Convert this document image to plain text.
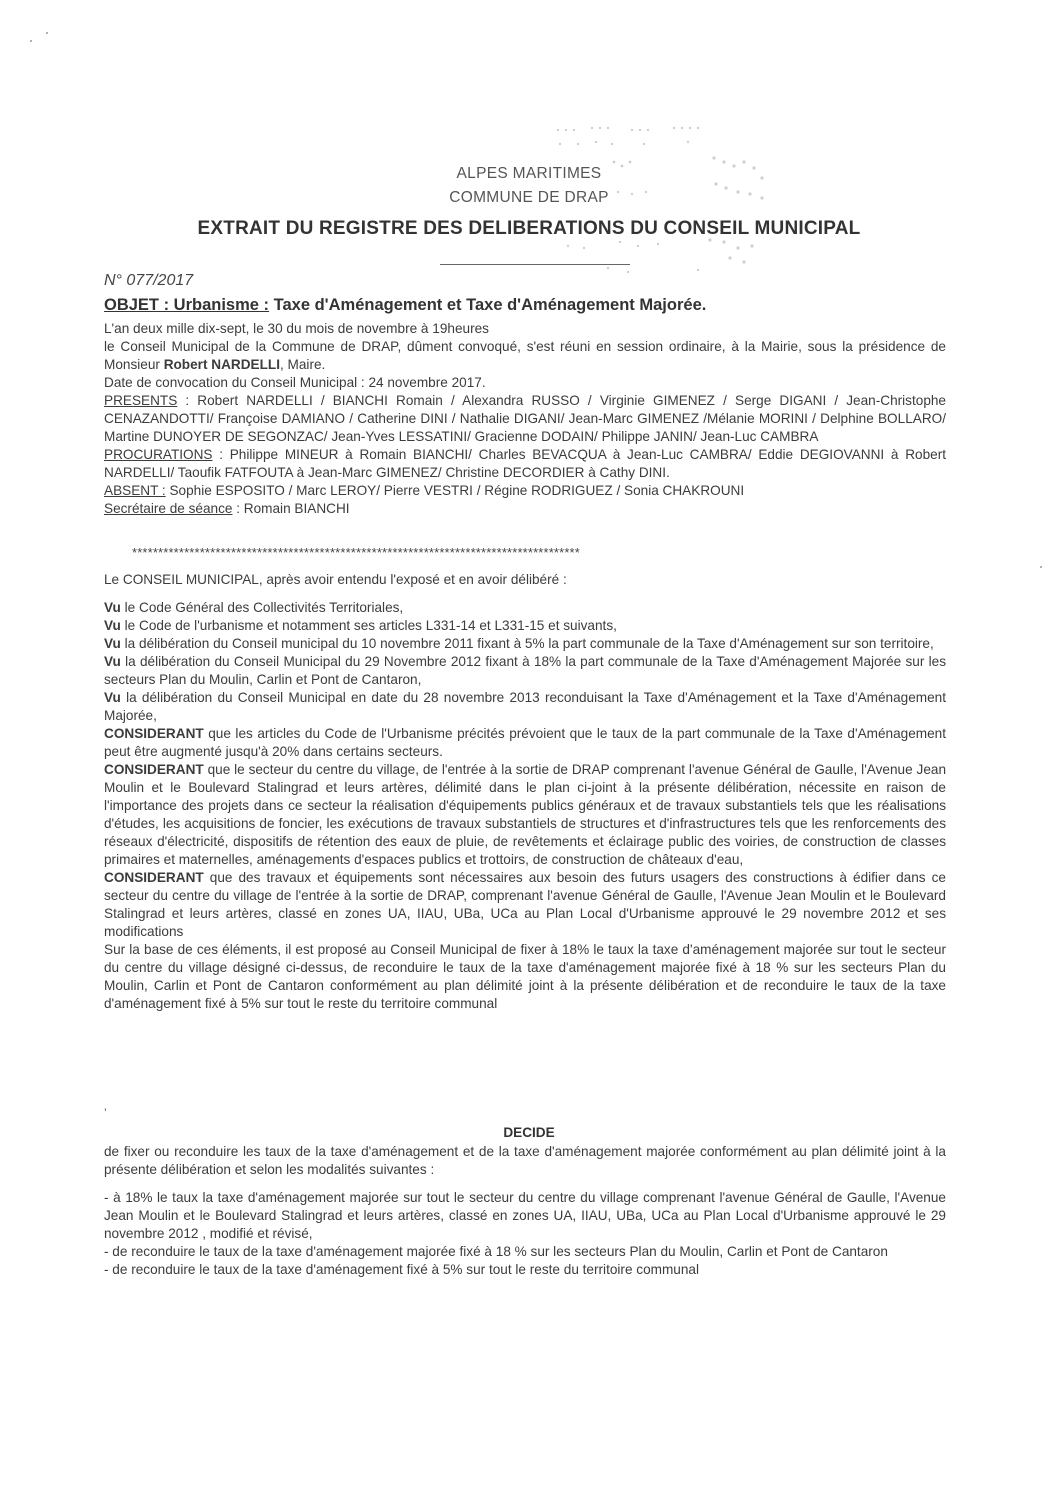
ALPES MARITIMES
COMMUNE DE DRAP
EXTRAIT DU REGISTRE DES DELIBERATIONS DU CONSEIL MUNICIPAL
N° 077/2017
OBJET : Urbanisme : Taxe d'Aménagement et Taxe d'Aménagement Majorée.

L'an deux mille dix-sept, le 30 du mois de novembre à 19heures

le Conseil Municipal de la Commune de DRAP, dûment convoqué, s'est réuni en session ordinaire, à la Mairie, sous la présidence de Monsieur Robert NARDELLI, Maire.

Date de convocation du Conseil Municipal : 24 novembre 2017.

PRESENTS : Robert NARDELLI / BIANCHI Romain / Alexandra RUSSO / Virginie GIMENEZ / Serge DIGANI / Jean-Christophe CENAZANDOTTI/ Françoise DAMIANO / Catherine DINI / Nathalie DIGANI/ Jean-Marc GIMENEZ /Mélanie MORINI / Delphine BOLLARO/ Martine DUNOYER DE SEGONZAC/ Jean-Yves LESSATINI/ Gracienne DODAIN/ Philippe JANIN/ Jean-Luc CAMBRA

PROCURATIONS : Philippe MINEUR à Romain BIANCHI/ Charles BEVACQUA à Jean-Luc CAMBRA/ Eddie DEGIOVANNI à Robert NARDELLI/ Taoufik FATFOUTA à Jean-Marc GIMENEZ/ Christine DECORDIER à Cathy DINI.

ABSENT : Sophie ESPOSITO / Marc LEROY/ Pierre VESTRI / Régine RODRIGUEZ / Sonia CHAKROUNI

Secrétaire de séance : Romain BIANCHI

**************************************************************************************
Le CONSEIL MUNICIPAL, après avoir entendu l'exposé et en avoir délibéré :

Vu le Code Général des Collectivités Territoriales,

Vu le Code de l'urbanisme et notamment ses articles L331-14 et L331-15 et suivants,

Vu la délibération du Conseil municipal du 10 novembre 2011 fixant à 5% la part communale de la Taxe d'Aménagement sur son territoire,

Vu la délibération du Conseil Municipal du 29 Novembre 2012 fixant à 18% la part communale de la Taxe d'Aménagement Majorée sur les secteurs Plan du Moulin, Carlin et Pont de Cantaron,

Vu la délibération du Conseil Municipal en date du 28 novembre 2013 reconduisant la Taxe d'Aménagement et la Taxe d'Aménagement Majorée,

CONSIDERANT que les articles du Code de l'Urbanisme précités prévoient que le taux de la part communale de la Taxe d'Aménagement peut être augmenté jusqu'à 20% dans certains secteurs.

CONSIDERANT que le secteur du centre du village, de l'entrée à la sortie de DRAP comprenant l'avenue Général de Gaulle, l'Avenue Jean Moulin et le Boulevard Stalingrad et leurs artères, délimité dans le plan ci-joint à la présente délibération, nécessite en raison de l'importance des projets dans ce secteur la réalisation d'équipements publics généraux et de travaux substantiels tels que les réalisations d'études, les acquisitions de foncier, les exécutions de travaux substantiels de structures et d'infrastructures tels que les renforcements des réseaux d'électricité, dispositifs de rétention des eaux de pluie, de revêtements et éclairage public des voiries, de construction de classes primaires et maternelles, aménagements d'espaces publics et trottoirs, de construction de châteaux d'eau,

CONSIDERANT que des travaux et équipements sont nécessaires aux besoin des futurs usagers des constructions à édifier dans ce secteur du centre du village de l'entrée à la sortie de DRAP, comprenant l'avenue Général de Gaulle, l'Avenue Jean Moulin et le Boulevard Stalingrad et leurs artères, classé en zones UA, IIAU, UBa, UCa au Plan Local d'Urbanisme approuvé le 29 novembre 2012 et ses modifications

Sur la base de ces éléments, il est proposé au Conseil Municipal de fixer à 18% le taux la taxe d'aménagement majorée sur tout le secteur du centre du village désigné ci-dessus, de reconduire le taux de la taxe d'aménagement majorée fixé à 18 % sur les secteurs Plan du Moulin, Carlin et Pont de Cantaron conformément au plan délimité joint à la présente délibération et de reconduire le taux de la taxe d'aménagement fixé à 5% sur tout le reste du territoire communal

’
DECIDE
de fixer ou reconduire les taux de la taxe d'aménagement et de la taxe d'aménagement majorée conformément au plan délimité joint à la présente délibération et selon les modalités suivantes :

- à 18% le taux la taxe d'aménagement majorée sur tout le secteur du centre du village comprenant l'avenue Général de Gaulle, l'Avenue Jean Moulin et le Boulevard Stalingrad et leurs artères, classé en zones UA, IIAU, UBa, UCa au Plan Local d'Urbanisme approuvé le 29 novembre 2012 , modifié et révisé,

- de reconduire le taux de la taxe d'aménagement majorée fixé à 18 % sur les secteurs Plan du Moulin, Carlin et Pont de Cantaron

- de reconduire le taux de la taxe d'aménagement fixé à 5% sur tout le reste du territoire communal
